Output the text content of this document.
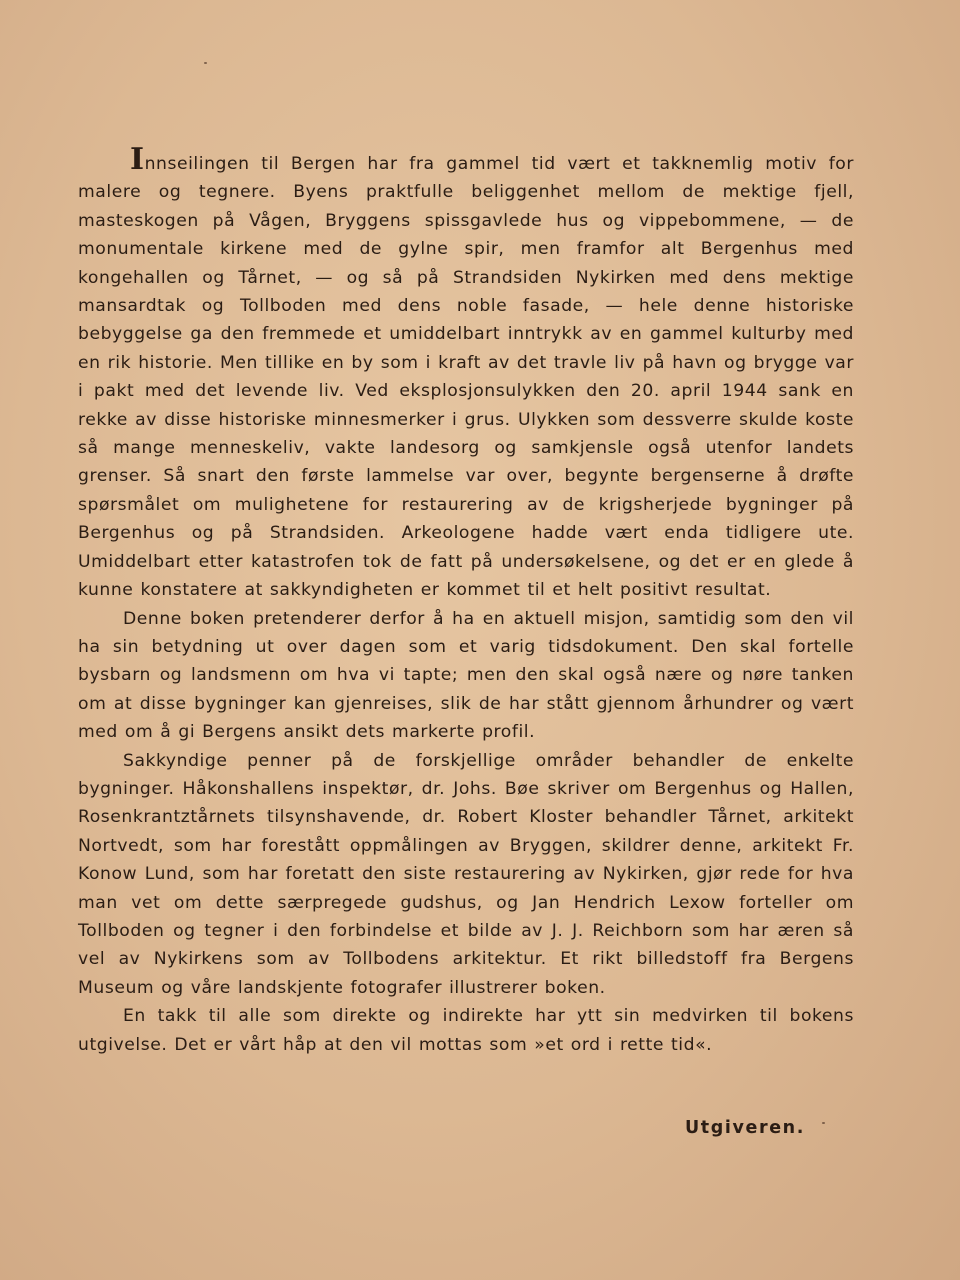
Innseilingen til Bergen har fra gammel tid vært et takknemlig motiv for malere og tegnere. Byens praktfulle beliggenhet mellom de mektige fjell, masteskogen på Vågen, Bryggens spissgavlede hus og vippebommene, — de monumentale kirkene med de gylne spir, men framfor alt Bergenhus med kongehallen og Tårnet, — og så på Strandsiden Nykirken med dens mektige mansardtak og Tollboden med dens noble fasade, — hele denne historiske bebyggelse ga den fremmede et umiddelbart inntrykk av en gammel kulturby med en rik historie. Men tillike en by som i kraft av det travle liv på havn og brygge var i pakt med det levende liv. Ved eksplosjonsulykken den 20. april 1944 sank en rekke av disse historiske minnesmerker i grus. Ulykken som dessverre skulde koste så mange menneskeliv, vakte landesorg og samkjensle også utenfor landets grenser. Så snart den første lammelse var over, begynte bergenserne å drøfte spørsmålet om mulighetene for restaurering av de krigsherjede bygninger på Bergenhus og på Strandsiden. Arkeologene hadde vært enda tidligere ute. Umiddelbart etter katastrofen tok de fatt på undersøkelsene, og det er en glede å kunne konstatere at sakkyndigheten er kommet til et helt positivt resultat.

Denne boken pretenderer derfor å ha en aktuell misjon, samtidig som den vil ha sin betydning ut over dagen som et varig tidsdokument. Den skal fortelle bysbarn og landsmenn om hva vi tapte; men den skal også nære og nøre tanken om at disse bygninger kan gjenreises, slik de har stått gjennom århundrer og vært med om å gi Bergens ansikt dets markerte profil.

Sakkyndige penner på de forskjellige områder behandler de enkelte bygninger. Håkonshallens inspektør, dr. Johs. Bøe skriver om Bergenhus og Hallen, Rosenkrantztårnets tilsynshavende, dr. Robert Kloster behandler Tårnet, arkitekt Nortvedt, som har forestått oppmålingen av Bryggen, skildrer denne, arkitekt Fr. Konow Lund, som har foretatt den siste restaurering av Nykirken, gjør rede for hva man vet om dette særpregede gudshus, og Jan Hendrich Lexow forteller om Tollboden og tegner i den forbindelse et bilde av J. J. Reichborn som har æren så vel av Nykirkens som av Tollbodens arkitektur. Et rikt billedstoff fra Bergens Museum og våre landskjente fotografer illustrerer boken.

En takk til alle som direkte og indirekte har ytt sin medvirken til bokens utgivelse. Det er vårt håp at den vil mottas som »et ord i rette tid«.

Utgiveren.
